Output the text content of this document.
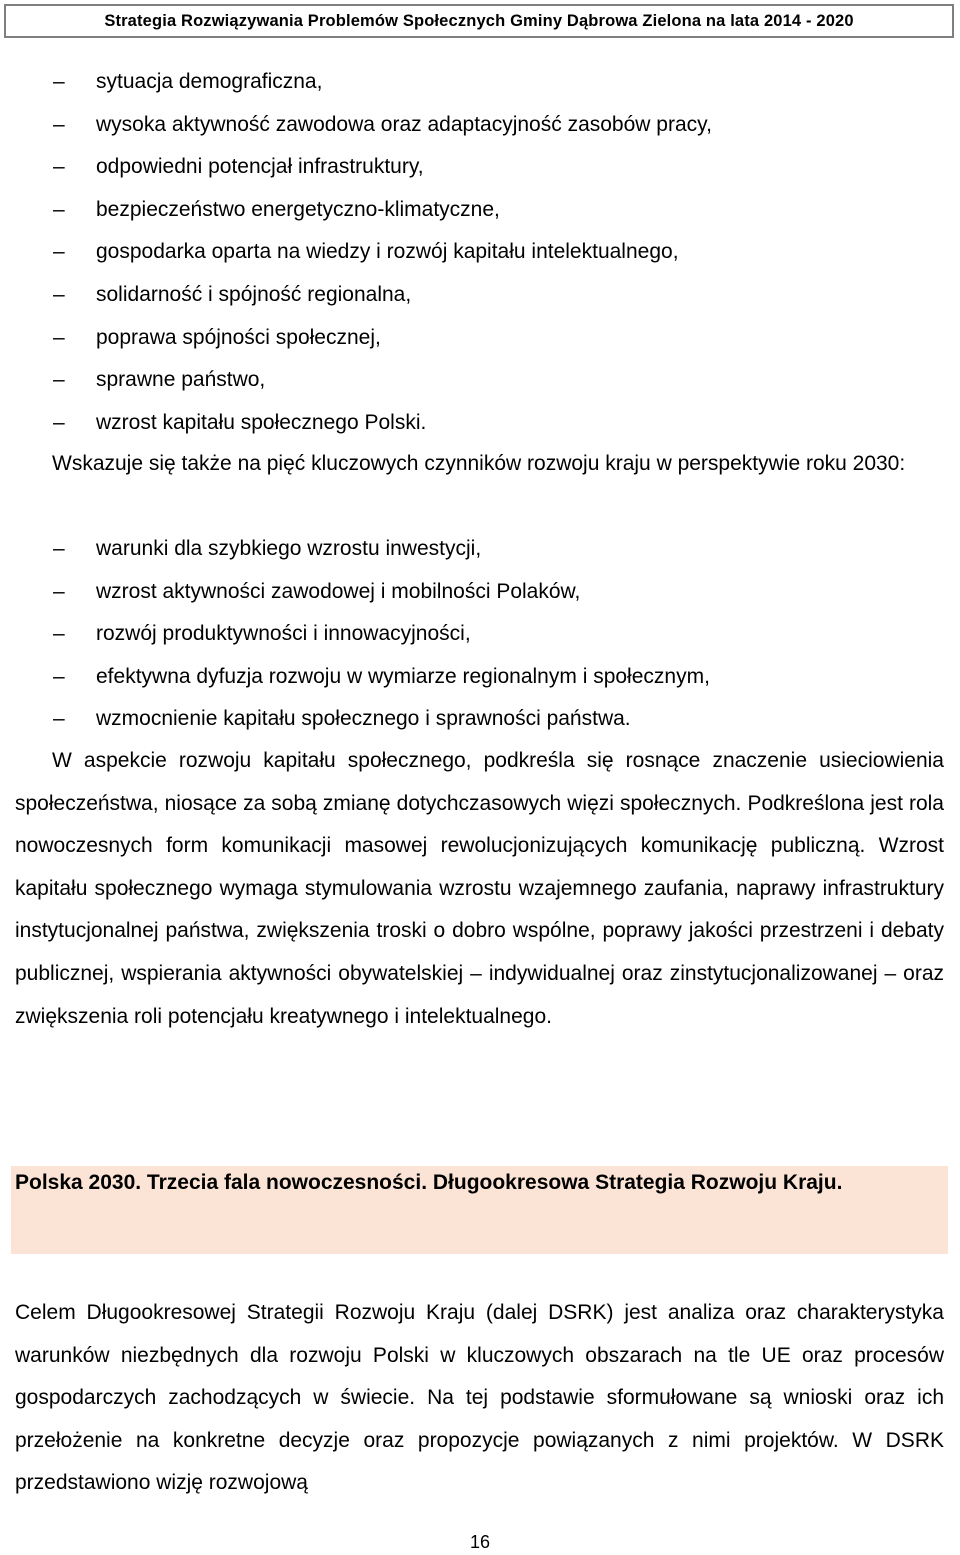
Strategia Rozwiązywania Problemów Społecznych Gminy Dąbrowa Zielona na lata 2014 - 2020
– sytuacja demograficzna,
– wysoka aktywność zawodowa oraz adaptacyjność zasobów pracy,
– odpowiedni potencjał infrastruktury,
– bezpieczeństwo energetyczno-klimatyczne,
– gospodarka oparta na wiedzy i rozwój kapitału intelektualnego,
– solidarność i spójność regionalna,
– poprawa spójności społecznej,
– sprawne państwo,
– wzrost kapitału społecznego Polski.

Wskazuje się także na pięć kluczowych czynników rozwoju kraju w perspektywie roku 2030:

– warunki dla szybkiego wzrostu inwestycji,
– wzrost aktywności zawodowej i mobilności Polaków,
– rozwój produktywności i innowacyjności,
– efektywna dyfuzja rozwoju w wymiarze regionalnym i społecznym,
– wzmocnienie kapitału społecznego i sprawności państwa.

W aspekcie rozwoju kapitału społecznego, podkreśla się rosnące znaczenie usieciowienia społeczeństwa, niosące za sobą zmianę dotychczasowych więzi społecznych. Podkreślona jest rola nowoczesnych form komunikacji masowej rewolucjonizujących komunikację publiczną. Wzrost kapitału społecznego wymaga stymulowania wzrostu wzajemnego zaufania, naprawy infrastruktury instytucjonalnej państwa, zwiększenia troski o dobro wspólne, poprawy jakości przestrzeni i debaty publicznej, wspierania aktywności obywatelskiej – indywidualnej oraz zinstytucjonalizowanej – oraz zwiększenia roli potencjału kreatywnego i intelektualnego.

Polska 2030. Trzecia fala nowoczesności. Długookresowa Strategia Rozwoju Kraju.

Celem Długookresowej Strategii Rozwoju Kraju (dalej DSRK) jest analiza oraz charakterystyka warunków niezbędnych dla rozwoju Polski w kluczowych obszarach na tle UE oraz procesów gospodarczych zachodzących w świecie. Na tej podstawie sformułowane są wnioski oraz ich przełożenie na konkretne decyzje oraz propozycje powiązanych z nimi projektów. W DSRK przedstawiono wizję rozwojową

16
